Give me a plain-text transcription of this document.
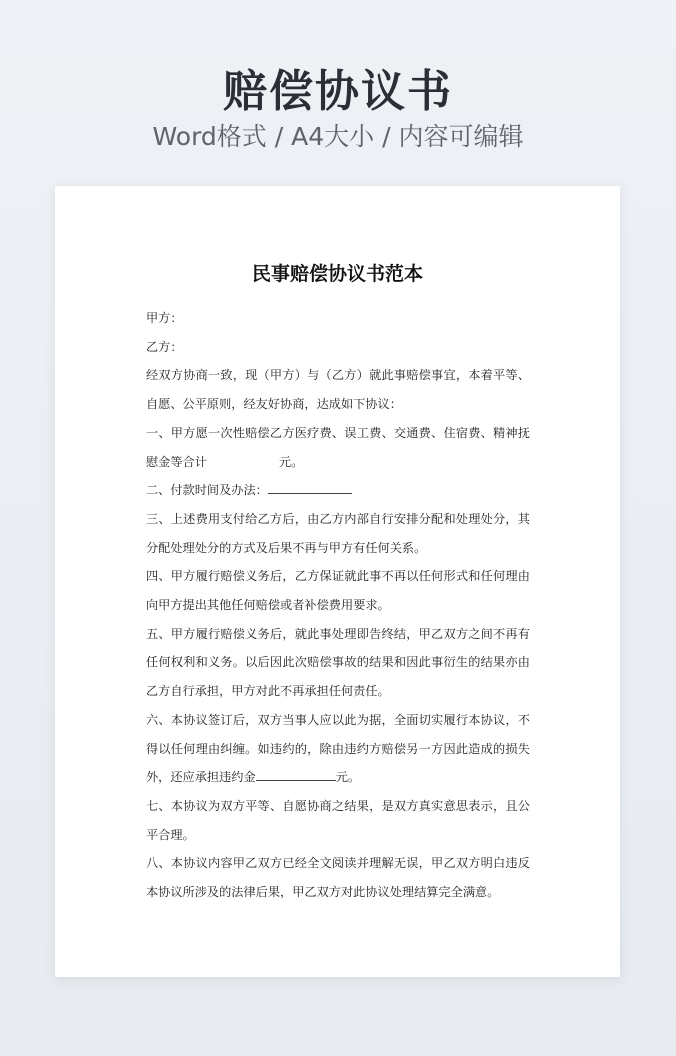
赔偿协议书
Word格式 / A4大小 / 内容可编辑
民事赔偿协议书范本

甲方：

乙方：

经双方协商一致，现（甲方）与（乙方）就此事赔偿事宜，本着平等、自愿、公平原则，经友好协商，达成如下协议：

一、甲方愿一次性赔偿乙方医疗费、误工费、交通费、住宿费、精神抚慰金等合计	元。

二、付款时间及办法：

三、上述费用支付给乙方后，由乙方内部自行安排分配和处理处分，其分配处理处分的方式及后果不再与甲方有任何关系。

四、甲方履行赔偿义务后，乙方保证就此事不再以任何形式和任何理由向甲方提出其他任何赔偿或者补偿费用要求。

五、甲方履行赔偿义务后，就此事处理即告终结，甲乙双方之间不再有任何权利和义务。以后因此次赔偿事故的结果和因此事衍生的结果亦由乙方自行承担，甲方对此不再承担任何责任。

六、本协议签订后，双方当事人应以此为据，全面切实履行本协议，不得以任何理由纠缠。如违约的，除由违约方赔偿另一方因此造成的损失外，还应承担违约金	元。

七、本协议为双方平等、自愿协商之结果，是双方真实意思表示，且公平合理。

八、本协议内容甲乙双方已经全文阅读并理解无误，甲乙双方明白违反本协议所涉及的法律后果，甲乙双方对此协议处理结算完全满意。
